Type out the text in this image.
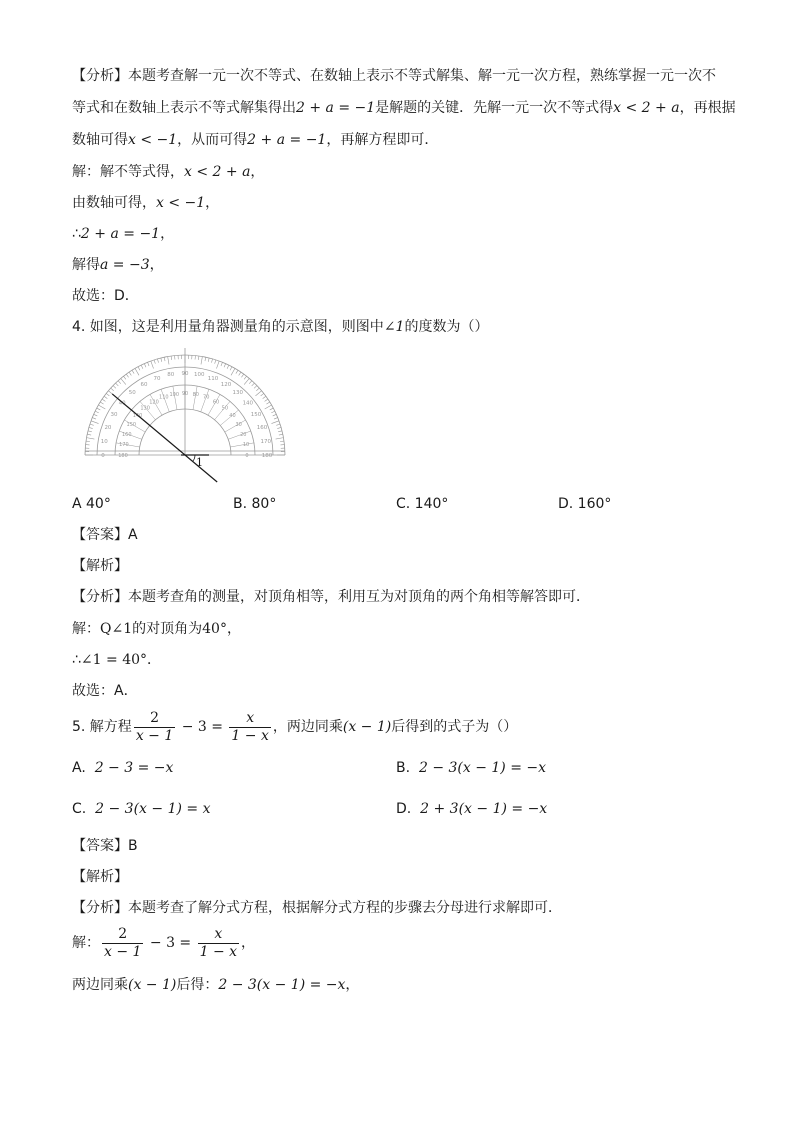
【分析】本题考查解一元一次不等式、在数轴上表示不等式解集、解一元一次方程，熟练掌握一元一次不
等式和在数轴上表示不等式解集得出2 + a = −1是解题的关键．先解一元一次不等式得x < 2 + a，再根据
数轴可得x < −1，从而可得2 + a = −1，再解方程即可．
解：解不等式得，x < 2 + a，
由数轴可得，x < −1，
∴2 + a = −1，
解得a = −3，
故选：D．
4. 如图，这是利用量角器测量角的示意图，则图中∠1的度数为（）
180
0
170
10
160
20
150
30
140
40
130
50
120
60
110
70
100
80
90
90
80
100
70
110
60
120
50
130
40
140
30
150
20
160
10
170
0	180	1
A 40°	B. 80°	C. 140°	D. 160°
【答案】A
【解析】
【分析】本题考查角的测量，对顶角相等，利用互为对顶角的两个角相等解答即可．
解：Q∠1的对顶角为40°，
∴∠1 = 40°．
故选：A．
5. 解方程 $\frac{2}{x - 1} - 3 = \frac{x}{1 - x}$ ，两边同乘(x − 1)后得到的式子为（）
A. 2 − 3 = −x	B. 2 − 3(x − 1) = −x
C. 2 − 3(x − 1) = x	D. 2 + 3(x − 1) = −x
【答案】B
【解析】
【分析】本题考查了解分式方程，根据解分式方程的步骤去分母进行求解即可．
解： $\frac{2}{x - 1} - 3 = \frac{x}{1 - x}$ ，
两边同乘(x − 1)后得：2 − 3(x − 1) = −x，
